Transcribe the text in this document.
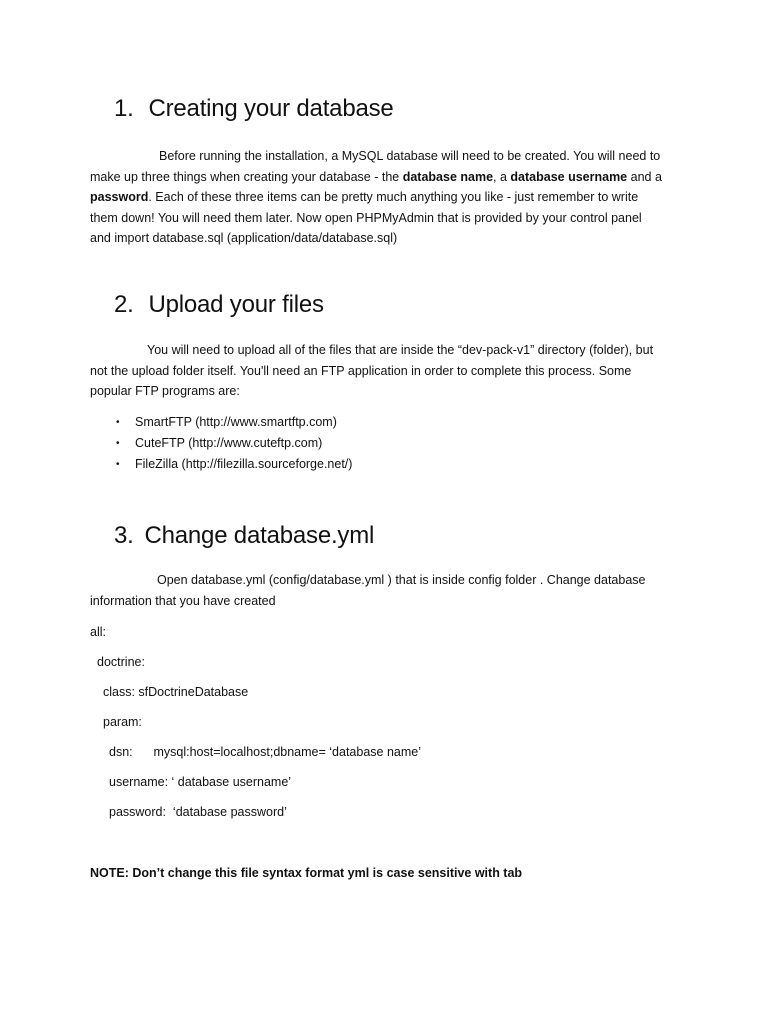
1. Creating your database
Before running the installation, a MySQL database will need to be created. You will need to
make up three things when creating your database - the database name, a database username and a
password. Each of these three items can be pretty much anything you like - just remember to write
them down! You will need them later. Now open PHPMyAdmin that is provided by your control panel
and import database.sql (application/data/database.sql)
2. Upload your files
You will need to upload all of the files that are inside the “dev-pack-v1” directory (folder), but
not the upload folder itself. You'll need an FTP application in order to complete this process. Some
popular FTP programs are:
• SmartFTP (http://www.smartftp.com)
• CuteFTP (http://www.cuteftp.com)
• FileZilla (http://filezilla.sourceforge.net/)
3. Change database.yml
Open database.yml (config/database.yml ) that is inside config folder . Change database
information that you have created
all:
doctrine:
class: sfDoctrineDatabase
param:
dsn:      mysql:host=localhost;dbname= ‘database name’
username: ‘ database username’
password:  ‘database password’
NOTE: Don’t change this file syntax format yml is case sensitive with tab
